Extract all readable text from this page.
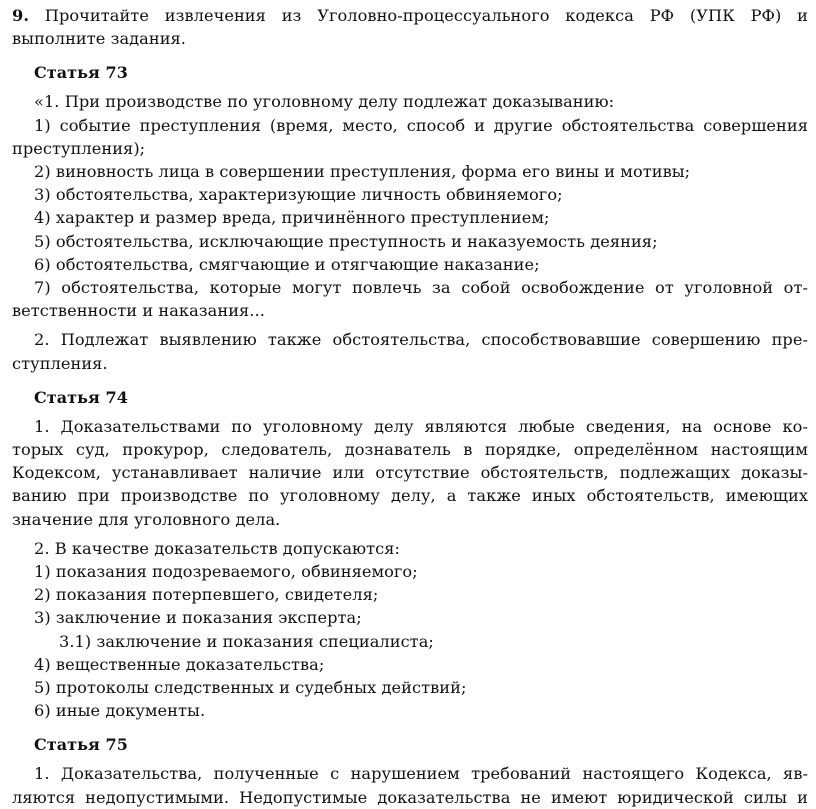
9. Прочитайте извлечения из Уголовно-процессуального кодекса РФ (УПК РФ) и
выполните задания.
Статья 73
«1. При производстве по уголовному делу подлежат доказыванию:
1) событие преступления (время, место, способ и другие обстоятельства совершения
преступления);
2) виновность лица в совершении преступления, форма его вины и мотивы;
3) обстоятельства, характеризующие личность обвиняемого;
4) характер и размер вреда, причинённого преступлением;
5) обстоятельства, исключающие преступность и наказуемость деяния;
6) обстоятельства, смягчающие и отягчающие наказание;
7) обстоятельства, которые могут повлечь за собой освобождение от уголовной от-
ветственности и наказания...
2. Подлежат выявлению также обстоятельства, способствовавшие совершению пре-
ступления.
Статья 74
1. Доказательствами по уголовному делу являются любые сведения, на основе ко-
торых суд, прокурор, следователь, дознаватель в порядке, определённом настоящим
Кодексом, устанавливает наличие или отсутствие обстоятельств, подлежащих доказы-
ванию при производстве по уголовному делу, а также иных обстоятельств, имеющих
значение для уголовного дела.
2. В качестве доказательств допускаются:
1) показания подозреваемого, обвиняемого;
2) показания потерпевшего, свидетеля;
3) заключение и показания эксперта;
3.1) заключение и показания специалиста;
4) вещественные доказательства;
5) протоколы следственных и судебных действий;
6) иные документы.
Статья 75
1. Доказательства, полученные с нарушением требований настоящего Кодекса, яв-
ляются недопустимыми. Недопустимые доказательства не имеют юридической силы и
